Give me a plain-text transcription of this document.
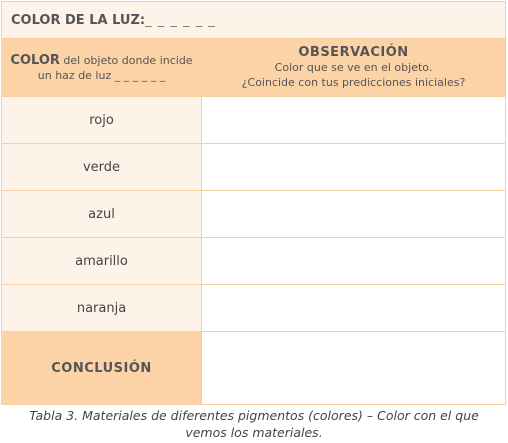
COLOR DE LA LUZ : _ _ _ _ _ _
COLOR del objeto donde incide
un haz de luz _ _ _ _ _ _
OBSERVACIÓN
Color que se ve en el objeto.
¿Coincide con tus predicciones iniciales?
rojo
verde
azul
amarillo
naranja
CONCLUSIÓN
Tabla 3. Materiales de diferentes pigmentos (colores) – Color con el que
vemos los materiales.
